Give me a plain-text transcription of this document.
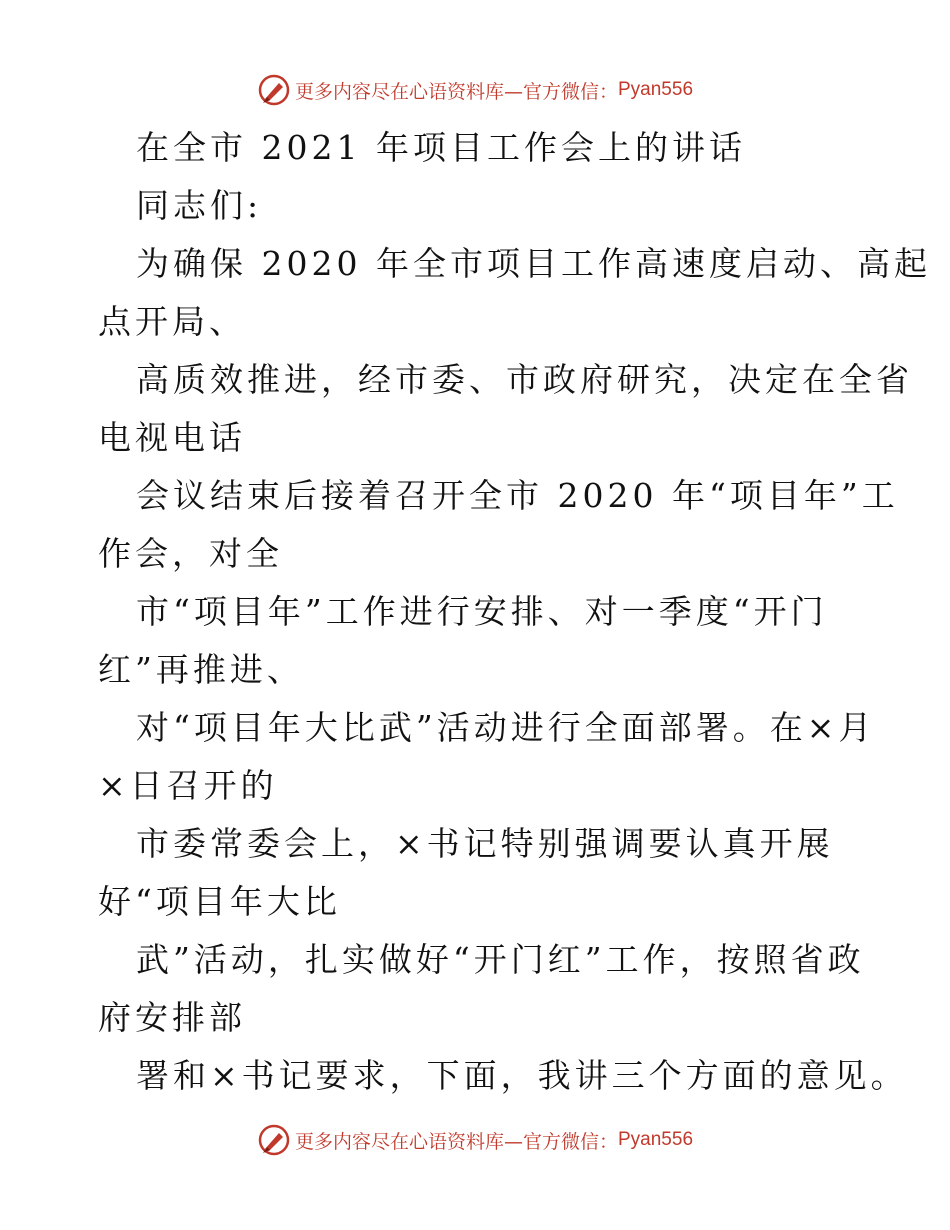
更多内容尽在心语资料库—官方微信： Pyan556
在全市 2021 年项目工作会上的讲话
同志们:
为确保 2020 年全市项目工作高速度启动、高起
点开局、
高质效推进，经市委、市政府研究，决定在全省
电视电话
会议结束后接着召开全市 2020 年“项目年”工
作会，对全
市“项目年”工作进行安排、对一季度“开门
红”再推进、
对“项目年大比武”活动进行全面部署。在×月
×日召开的
市委常委会上，×书记特别强调要认真开展
好“项目年大比
武”活动，扎实做好“开门红”工作，按照省政
府安排部
署和×书记要求，下面，我讲三个方面的意见。
更多内容尽在心语资料库—官方微信： Pyan556
